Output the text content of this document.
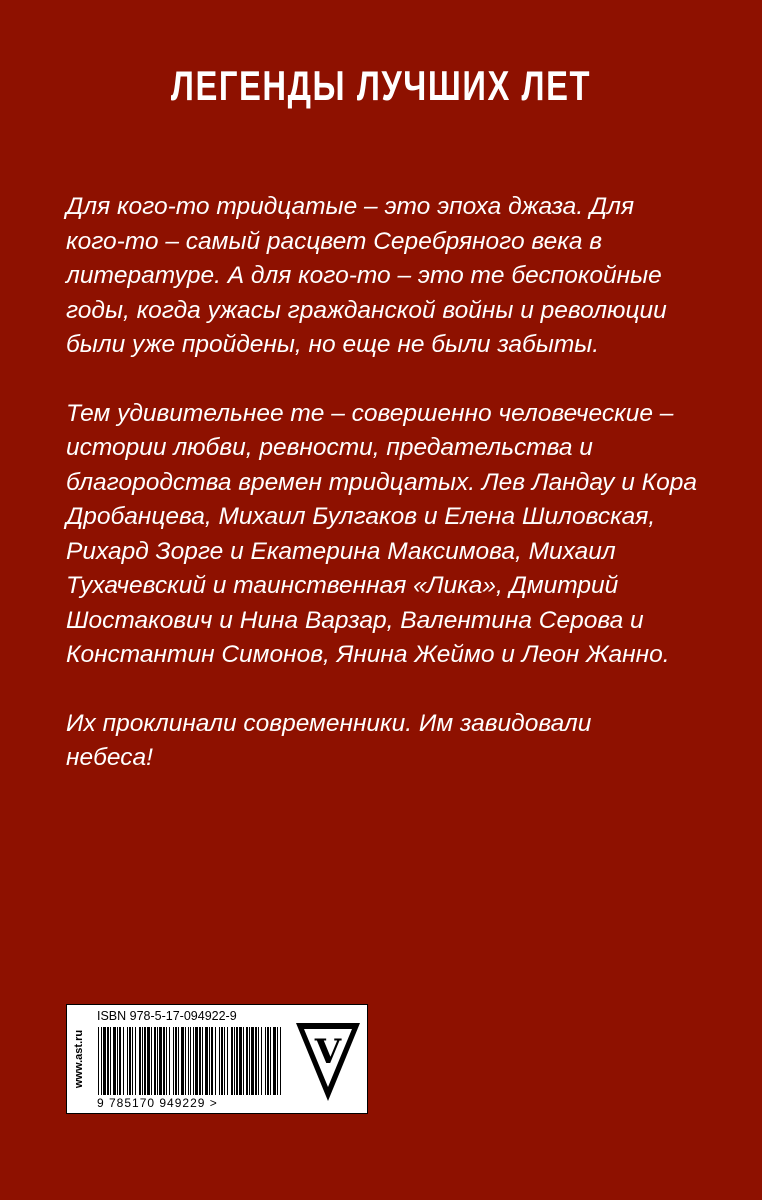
ЛЕГЕНДЫ ЛУЧШИХ ЛЕТ

Для кого-то тридцатые – это эпоха джаза. Для
кого-то – самый расцвет Серебряного века в
литературе. А для кого-то – это те беспокойные
годы, когда ужасы гражданской войны и революции
были уже пройдены, но еще не были забыты.

Тем удивительнее те – совершенно человеческие –
истории любви, ревности, предательства и
благородства времен тридцатых. Лев Ландау и Кора
Дробанцева, Михаил Булгаков и Елена Шиловская,
Рихард Зорге и Екатерина Максимова, Михаил
Тухачевский и таинственная «Лика», Дмитрий
Шостакович и Нина Варзар, Валентина Серова и
Константин Симонов, Янина Жеймо и Леон Жанно.

Их проклинали современники. Им завидовали
небеса!

www.ast.ru
ISBN 978-5-17-094922-9
9 785170 949229 >
V
